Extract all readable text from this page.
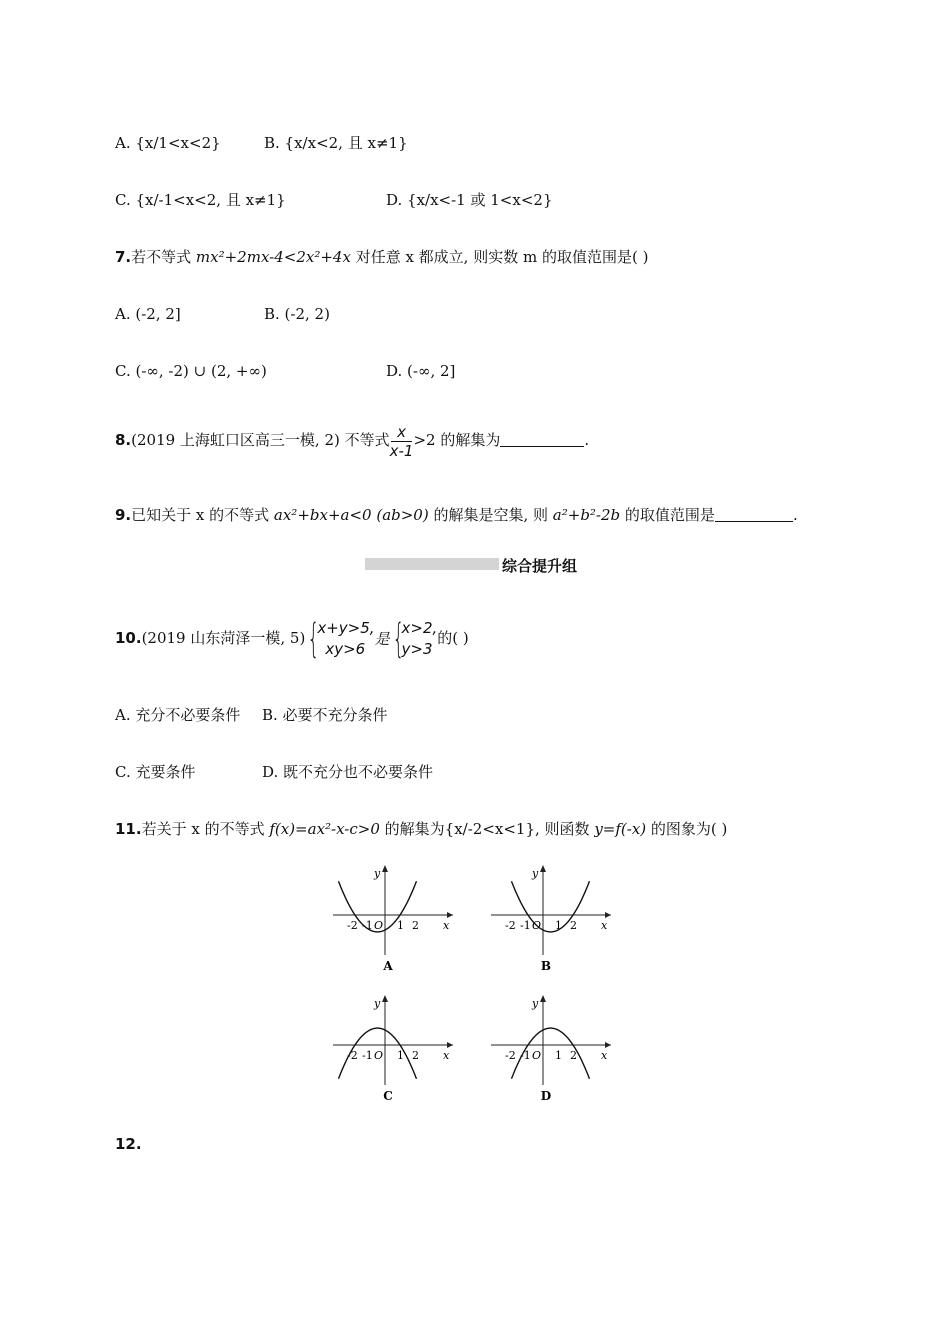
A. {x/1<x<2}	B. {x/x<2, 且 x≠1}
C. {x/-1<x<2, 且 x≠1}	D. {x/x<-1 或 1<x<2}
7.若不等式 mx²+2mx-4<2x²+4x 对任意 x 都成立, 则实数 m 的取值范围是( )
A. (-2, 2]	B. (-2, 2)
C. (-∞, -2) ∪ (2, +∞)	D. (-∞, 2]
8.(2019 上海虹口区高三一模, 2) 不等式 $\frac{x}{x-1} >2$ 的解集为	.
9.已知关于 x 的不等式 ax²+bx+a<0 (ab>0) 的解集是空集, 则 a²+b²-2b 的取值范围是	.
综合提升组
10.(2019 山东菏泽一模, 5) {
x+y>5,
xy>6
是 {
x>2,
y>3
的( )
A. 充分不必要条件 B. 必要不充分条件
C. 充要条件	D. 既不充分也不必要条件
11.若关于 x 的不等式 f(x)=ax²-x-c>0 的解集为{x/-2<x<1}, 则函数 y=f(-x) 的图象为( )
y
x
O
-2 -1 1 2
A
y
x
O
-2 -1 1 2
B
y
x
O
-2 -1 1 2
C
y
x
O
-2 -1 1 2
D
12.
